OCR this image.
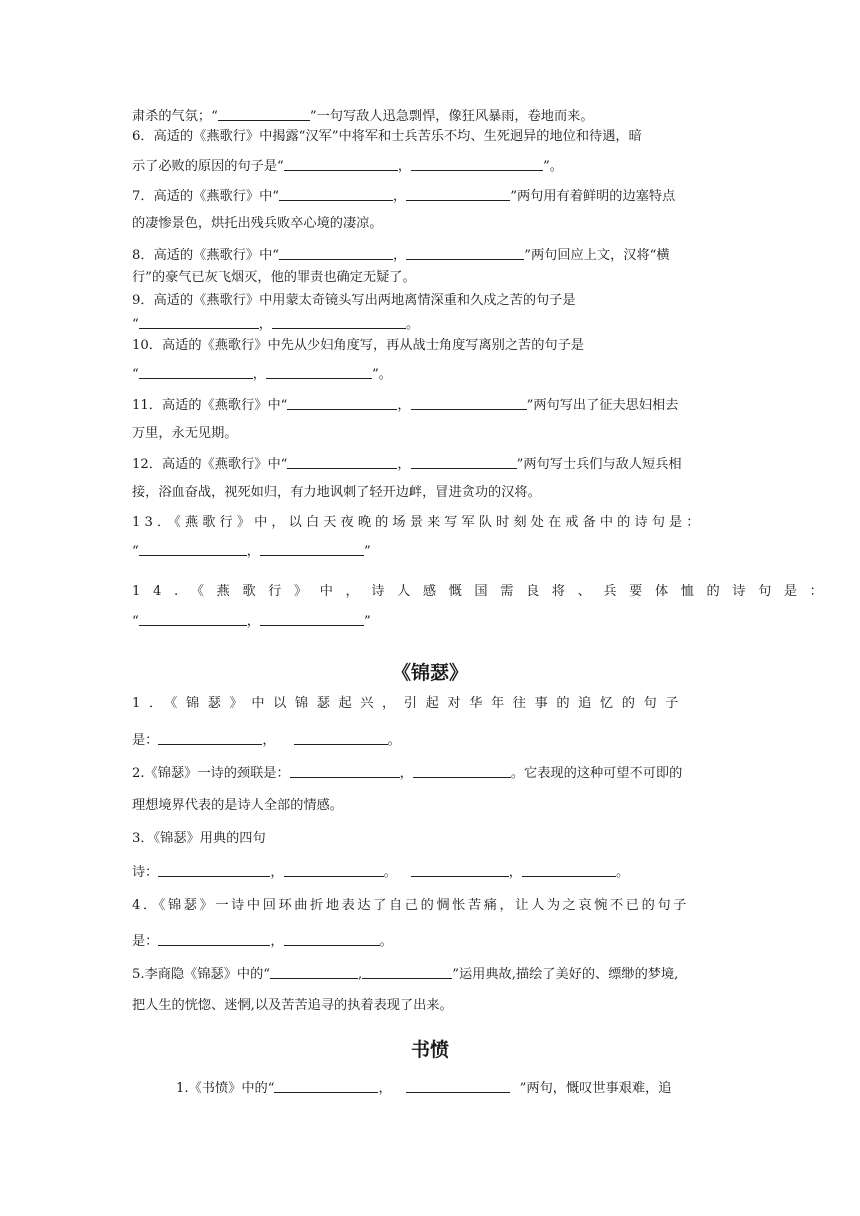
肃杀的气氛；“	”一句写敌人迅急剽悍，像狂风暴雨，卷地而来。
6．高适的《燕歌行》中揭露“汉军”中将军和士兵苦乐不均、生死迥异的地位和待遇，暗
示了必败的原因的句子是“	，	”。
7．高适的《燕歌行》中“	，	”两句用有着鲜明的边塞特点
的凄惨景色，烘托出残兵败卒心境的凄凉。
8．高适的《燕歌行》中“	，	”两句回应上文，汉将“横
行”的豪气已灰飞烟灭，他的罪责也确定无疑了。
9．高适的《燕歌行》中用蒙太奇镜头写出两地离情深重和久戍之苦的句子是
“	，	。
10．高适的《燕歌行》中先从少妇角度写，再从战士角度写离别之苦的句子是
“	，	”。
11．高适的《燕歌行》中“	，	”两句写出了征夫思妇相去
万里，永无见期。
12．高适的《燕歌行》中“	，	”两句写士兵们与敌人短兵相
接，浴血奋战，视死如归，有力地讽刺了轻开边衅，冒进贪功的汉将。
13．《燕歌行》中，以白天夜晚的场景来写军队时刻处在戒备中的诗句是：
“	，	”
14.《燕歌行》中，诗人感慨国需良将、兵要体恤的诗句是：
“	，	”
《锦瑟》
1．《锦瑟》中以锦瑟起兴，引起对华年往事的追忆的句子
是：	，	。
2.《锦瑟》一诗的颈联是：	，	。它表现的这种可望不可即的
理想境界代表的是诗人全部的情感。
3．《锦瑟》用典的四句
诗：	，	。	，	。
4．《锦瑟》一诗中回环曲折地表达了自己的惆怅苦痛，让人为之哀惋不已的句子
是：	，	。
5.李商隐《锦瑟》中的“	,	”运用典故,描绘了美好的、缥缈的梦境,
把人生的恍惚、迷惘,以及苦苦追寻的执着表现了出来。
书愤
1.《书愤》中的“	，	”两句，慨叹世事艰难，追
